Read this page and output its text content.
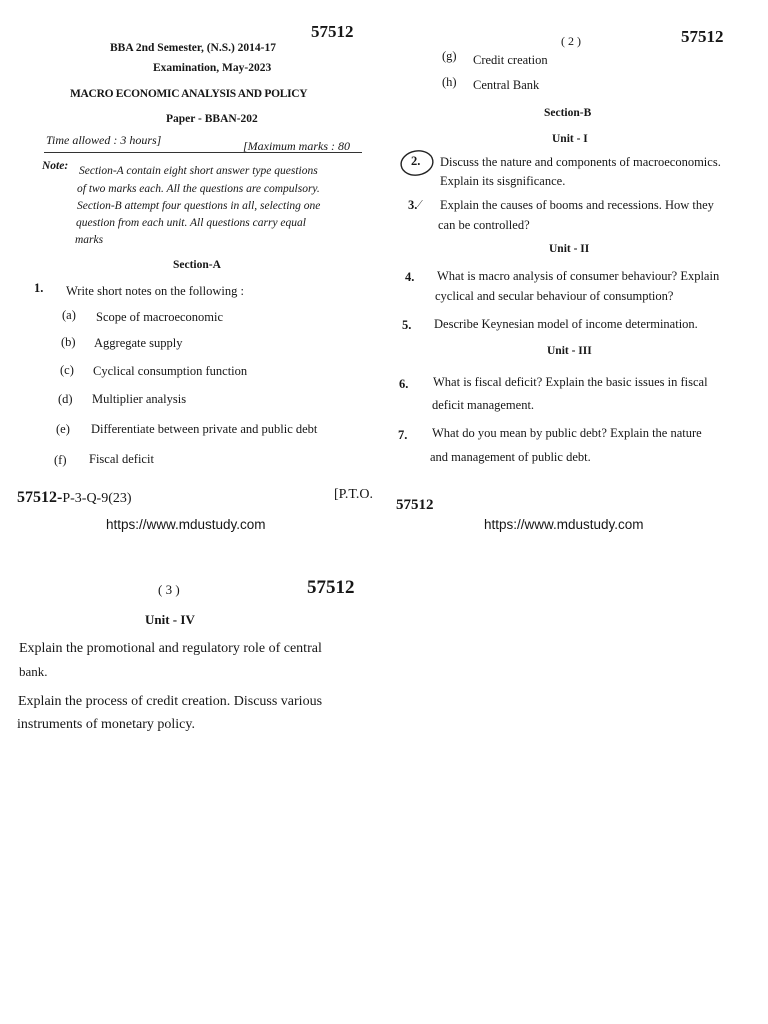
57512
BBA 2nd Semester, (N.S.) 2014-17
Examination, May-2023
MACRO ECONOMIC ANALYSIS AND POLICY
Paper - BBAN-202
Time allowed : 3 hours]	[Maximum marks : 80
Note: Section-A contain eight short answer type questions
of two marks each. All the questions are compulsory.
Section-B attempt four questions in all, selecting one
question from each unit. All questions carry equal
marks
Section-A
1. Write short notes on the following :
(a) Scope of macroeconomic
(b) Aggregate supply
(c) Cyclical consumption function
(d) Multiplier analysis
(e) Differentiate between private and public debt
(f) Fiscal deficit
57512-P-3-Q-9(23)	[P.T.O.
https://www.mdustudy.com
( 2 )	57512
(g) Credit creation
(h) Central Bank
Section-B
Unit - I
2. Discuss the nature and components of macroeconomics.
Explain its sisgnificance.
3. ⁄ Explain the causes of booms and recessions. How they
can be controlled?
Unit - II
4. What is macro analysis of consumer behaviour? Explain
cyclical and secular behaviour of consumption?
5. Describe Keynesian model of income determination.
Unit - III
6. What is fiscal deficit? Explain the basic issues in fiscal
deficit management.
7. What do you mean by public debt? Explain the nature
and management of public debt.
57512
https://www.mdustudy.com
( 3 )	57512
Unit - IV
Explain the promotional and regulatory role of central
bank.
Explain the process of credit creation. Discuss various
instruments of monetary policy.
